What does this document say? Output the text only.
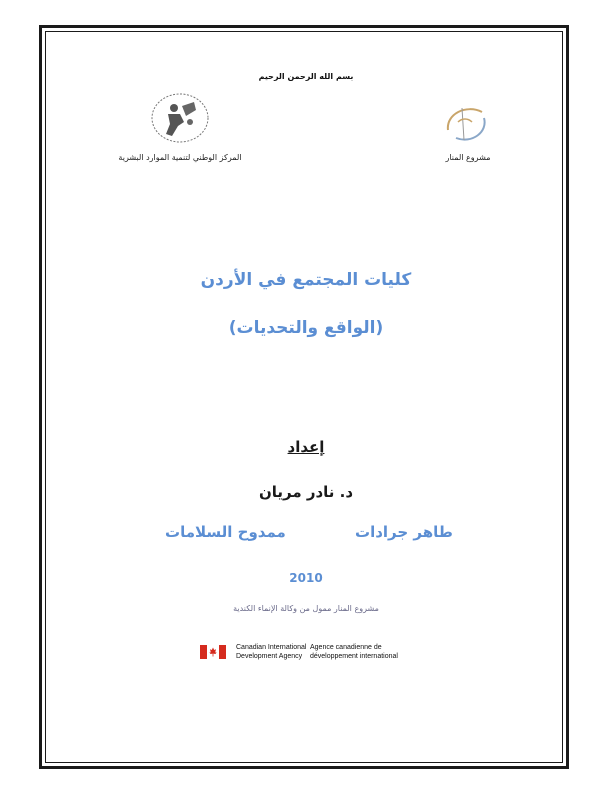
بسم الله الرحمن الرحيم
المركز الوطني لتنمية الموارد البشرية	مشروع المنار
كليات المجتمع في الأردن
(الواقع والتحديات)
إعداد
د. نادر مريان
ممدوح السلامات	طاهر جرادات
2010
مشروع المنار ممول من وكالة الإنماء الكندية
Canadian International
Development Agency
Agence canadienne de
développement international
